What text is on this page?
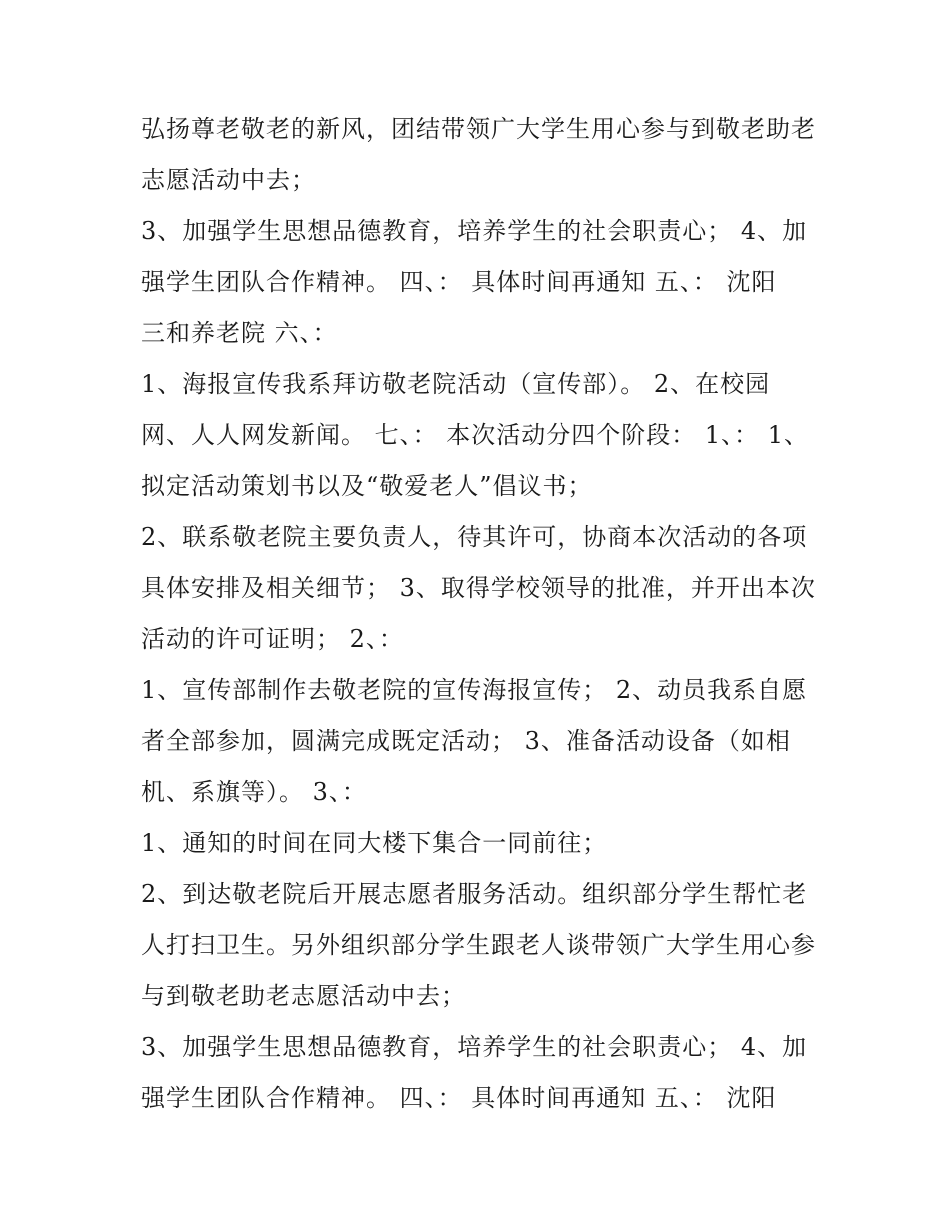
弘扬尊老敬老的新风，团结带领广大学生用心参与到敬老助老
志愿活动中去；
3、加强学生思想品德教育，培养学生的社会职责心； 4、加
强学生团队合作精神。 四、： 具体时间再通知 五、： 沈阳
三和养老院 六、：
1、海报宣传我系拜访敬老院活动（宣传部）。 2、在校园
网、人人网发新闻。 七、： 本次活动分四个阶段： 1、： 1、
拟定活动策划书以及“敬爱老人”倡议书；
2、联系敬老院主要负责人，待其许可，协商本次活动的各项
具体安排及相关细节； 3、取得学校领导的批准，并开出本次
活动的许可证明； 2、：
1、宣传部制作去敬老院的宣传海报宣传； 2、动员我系自愿
者全部参加，圆满完成既定活动； 3、准备活动设备（如相
机、系旗等）。 3、：
1、通知的时间在同大楼下集合一同前往；
2、到达敬老院后开展志愿者服务活动。组织部分学生帮忙老
人打扫卫生。另外组织部分学生跟老人谈带领广大学生用心参
与到敬老助老志愿活动中去；
3、加强学生思想品德教育，培养学生的社会职责心； 4、加
强学生团队合作精神。 四、： 具体时间再通知 五、： 沈阳
